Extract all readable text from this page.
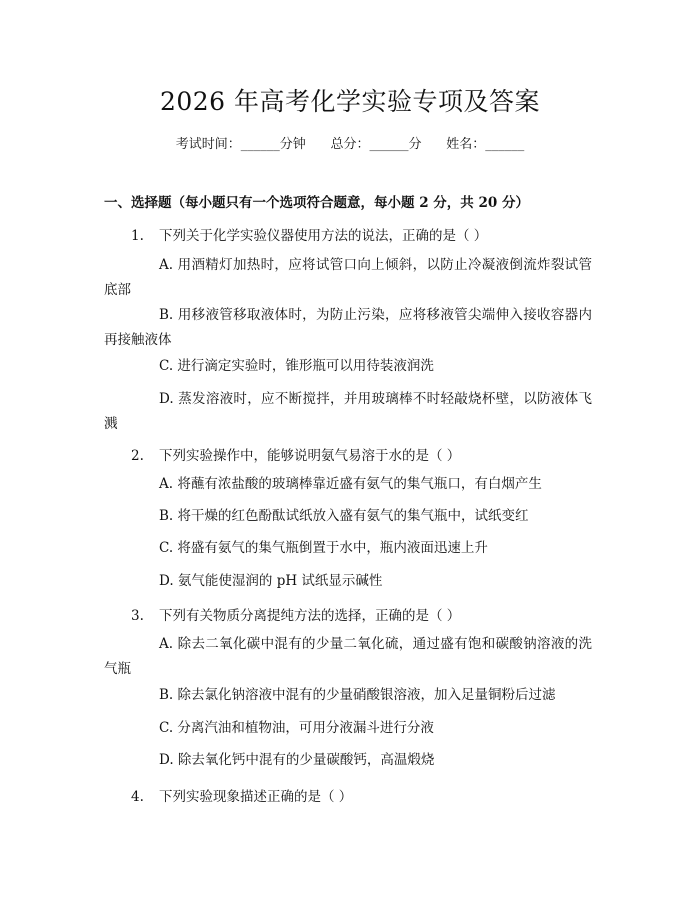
2026 年高考化学实验专项及答案
考试时间：______分钟      总分：______分      姓名：______
一、选择题（每小题只有一个选项符合题意，每小题 2 分，共 20 分）
1. 下列关于化学实验仪器使用方法的说法，正确的是（ ）
A. 用酒精灯加热时，应将试管口向上倾斜，以防止冷凝液倒流炸裂试管底部
B. 用移液管移取液体时，为防止污染，应将移液管尖端伸入接收容器内再接触液体
C. 进行滴定实验时，锥形瓶可以用待装液润洗
D. 蒸发溶液时，应不断搅拌，并用玻璃棒不时轻敲烧杯壁，以防液体飞溅
2. 下列实验操作中，能够说明氨气易溶于水的是（ ）
A. 将蘸有浓盐酸的玻璃棒靠近盛有氨气的集气瓶口，有白烟产生
B. 将干燥的红色酚酞试纸放入盛有氨气的集气瓶中，试纸变红
C. 将盛有氨气的集气瓶倒置于水中，瓶内液面迅速上升
D. 氨气能使湿润的 pH 试纸显示碱性
3. 下列有关物质分离提纯方法的选择，正确的是（ ）
A. 除去二氧化碳中混有的少量二氧化硫，通过盛有饱和碳酸钠溶液的洗气瓶
B. 除去氯化钠溶液中混有的少量硝酸银溶液，加入足量铜粉后过滤
C. 分离汽油和植物油，可用分液漏斗进行分液
D. 除去氧化钙中混有的少量碳酸钙，高温煅烧
4. 下列实验现象描述正确的是（ ）
